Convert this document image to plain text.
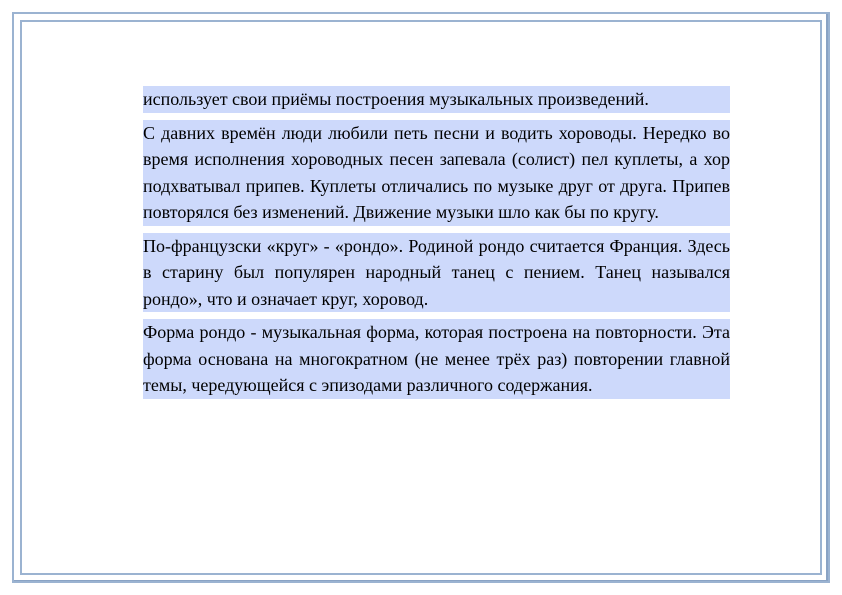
использует свои приёмы построения музыкальных произведений.

С давних времён люди любили петь песни и водить хороводы. Нередко во время исполнения хороводных песен запевала (солист) пел куплеты, а хор подхватывал припев. Куплеты отличались по музыке друг от друга. Припев повторялся без изменений. Движение музыки шло как бы по кругу.

По-французски «круг» - «рондо». Родиной рондо считается Франция. Здесь в старину был популярен народный танец с пением. Танец назывался рондо», что и означает круг, хоровод.

Форма рондо - музыкальная форма, которая построена на повторности. Эта форма основана на многократном (не менее трёх раз) повторении главной темы, чередующейся с эпизодами различного содержания.
